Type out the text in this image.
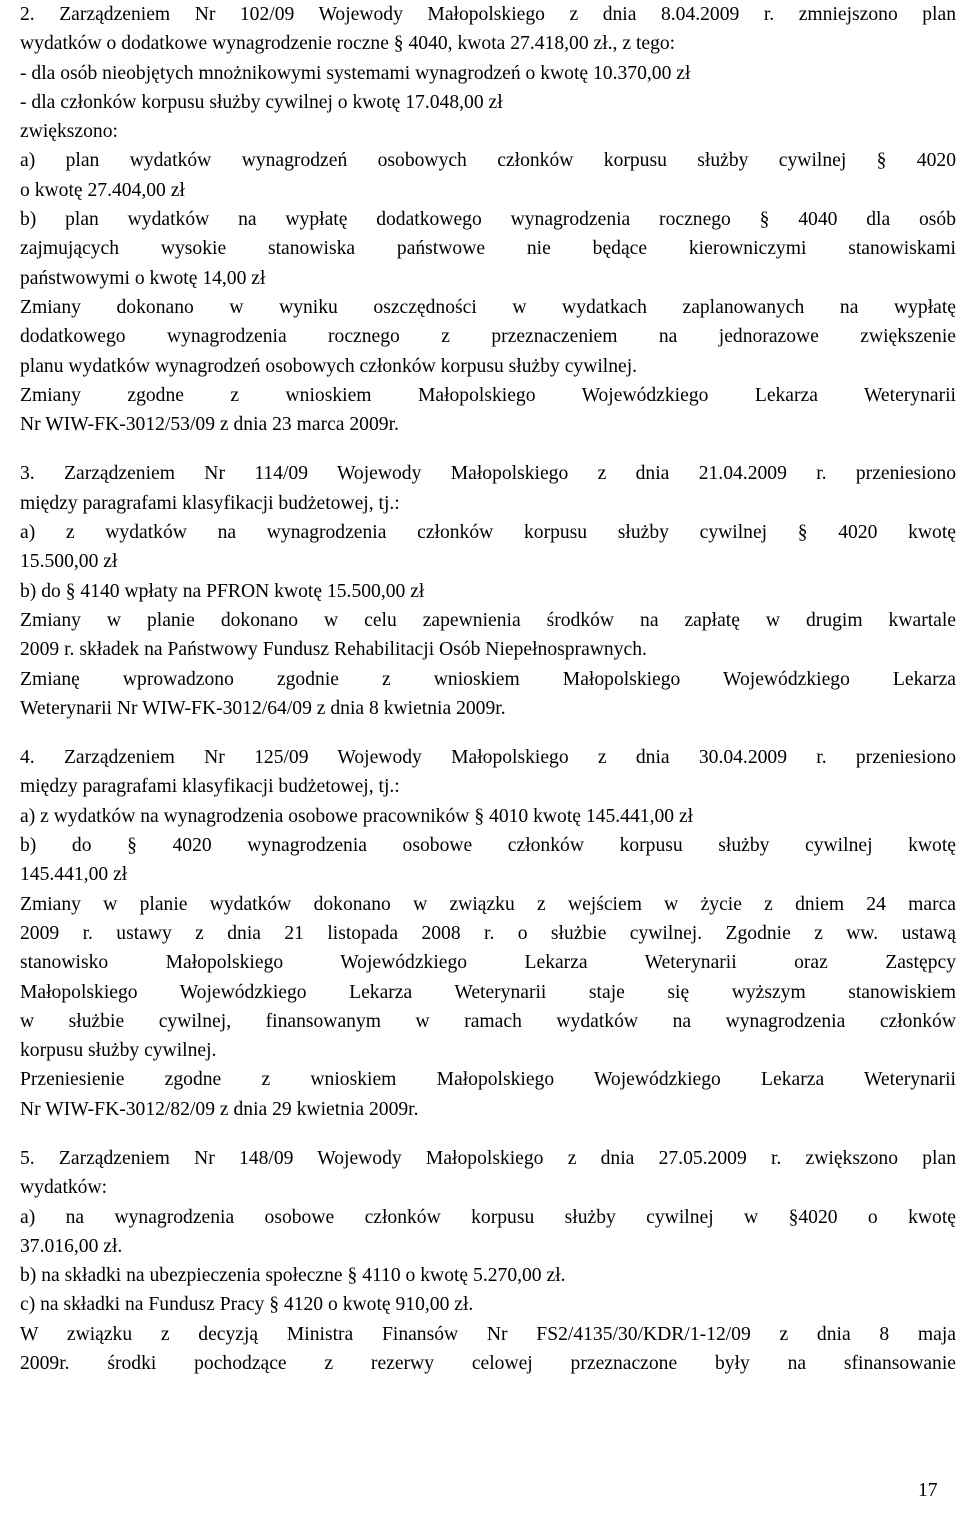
2. Zarządzeniem Nr 102/09 Wojewody Małopolskiego z dnia 8.04.2009 r. zmniejszono plan
wydatków o dodatkowe wynagrodzenie roczne § 4040, kwota 27.418,00 zł., z tego:
- dla osób nieobjętych mnożnikowymi systemami wynagrodzeń o kwotę 10.370,00 zł
- dla członków korpusu służby cywilnej o kwotę 17.048,00 zł
zwiększono:
a) plan wydatków wynagrodzeń osobowych członków korpusu służby cywilnej § 4020
o kwotę 27.404,00 zł
b) plan wydatków na wypłatę dodatkowego wynagrodzenia rocznego § 4040 dla osób
zajmujących wysokie stanowiska państwowe nie będące kierowniczymi stanowiskami
państwowymi o kwotę 14,00 zł
Zmiany dokonano w wyniku oszczędności w wydatkach zaplanowanych na wypłatę
dodatkowego wynagrodzenia rocznego z przeznaczeniem na jednorazowe zwiększenie
planu wydatków wynagrodzeń osobowych członków korpusu służby cywilnej.
Zmiany zgodne z wnioskiem Małopolskiego Wojewódzkiego Lekarza Weterynarii
Nr WIW-FK-3012/53/09 z dnia 23 marca 2009r.
3. Zarządzeniem Nr 114/09 Wojewody Małopolskiego z dnia 21.04.2009 r. przeniesiono
między paragrafami klasyfikacji budżetowej, tj.:
a) z wydatków na wynagrodzenia członków korpusu służby cywilnej § 4020 kwotę
15.500,00 zł
b) do § 4140 wpłaty na PFRON kwotę 15.500,00 zł
Zmiany w planie dokonano w celu zapewnienia środków na zapłatę w drugim kwartale
2009 r. składek na Państwowy Fundusz Rehabilitacji Osób Niepełnosprawnych.
Zmianę wprowadzono zgodnie z wnioskiem Małopolskiego Wojewódzkiego Lekarza
Weterynarii Nr WIW-FK-3012/64/09 z dnia 8 kwietnia 2009r.
4. Zarządzeniem Nr 125/09 Wojewody Małopolskiego z dnia 30.04.2009 r. przeniesiono
między paragrafami klasyfikacji budżetowej, tj.:
a) z wydatków na wynagrodzenia osobowe pracowników § 4010 kwotę 145.441,00 zł
b) do § 4020 wynagrodzenia osobowe członków korpusu służby cywilnej kwotę
145.441,00 zł
Zmiany w planie wydatków dokonano w związku z wejściem w życie z dniem 24 marca
2009 r. ustawy z dnia 21 listopada 2008 r. o służbie cywilnej. Zgodnie z ww. ustawą
stanowisko Małopolskiego Wojewódzkiego Lekarza Weterynarii oraz Zastępcy
Małopolskiego Wojewódzkiego Lekarza Weterynarii staje się wyższym stanowiskiem
w służbie cywilnej, finansowanym w ramach wydatków na wynagrodzenia członków
korpusu służby cywilnej.
Przeniesienie zgodne z wnioskiem Małopolskiego Wojewódzkiego Lekarza Weterynarii
Nr WIW-FK-3012/82/09 z dnia 29 kwietnia 2009r.
5. Zarządzeniem Nr 148/09 Wojewody Małopolskiego z dnia 27.05.2009 r. zwiększono plan
wydatków:
a) na wynagrodzenia osobowe członków korpusu służby cywilnej w §4020 o kwotę
37.016,00 zł.
b) na składki na ubezpieczenia społeczne § 4110 o kwotę 5.270,00 zł.
c) na składki na Fundusz Pracy § 4120 o kwotę 910,00 zł.
W związku z decyzją Ministra Finansów Nr FS2/4135/30/KDR/1-12/09 z dnia 8 maja
2009r. środki pochodzące z rezerwy celowej przeznaczone były na sfinansowanie
17
